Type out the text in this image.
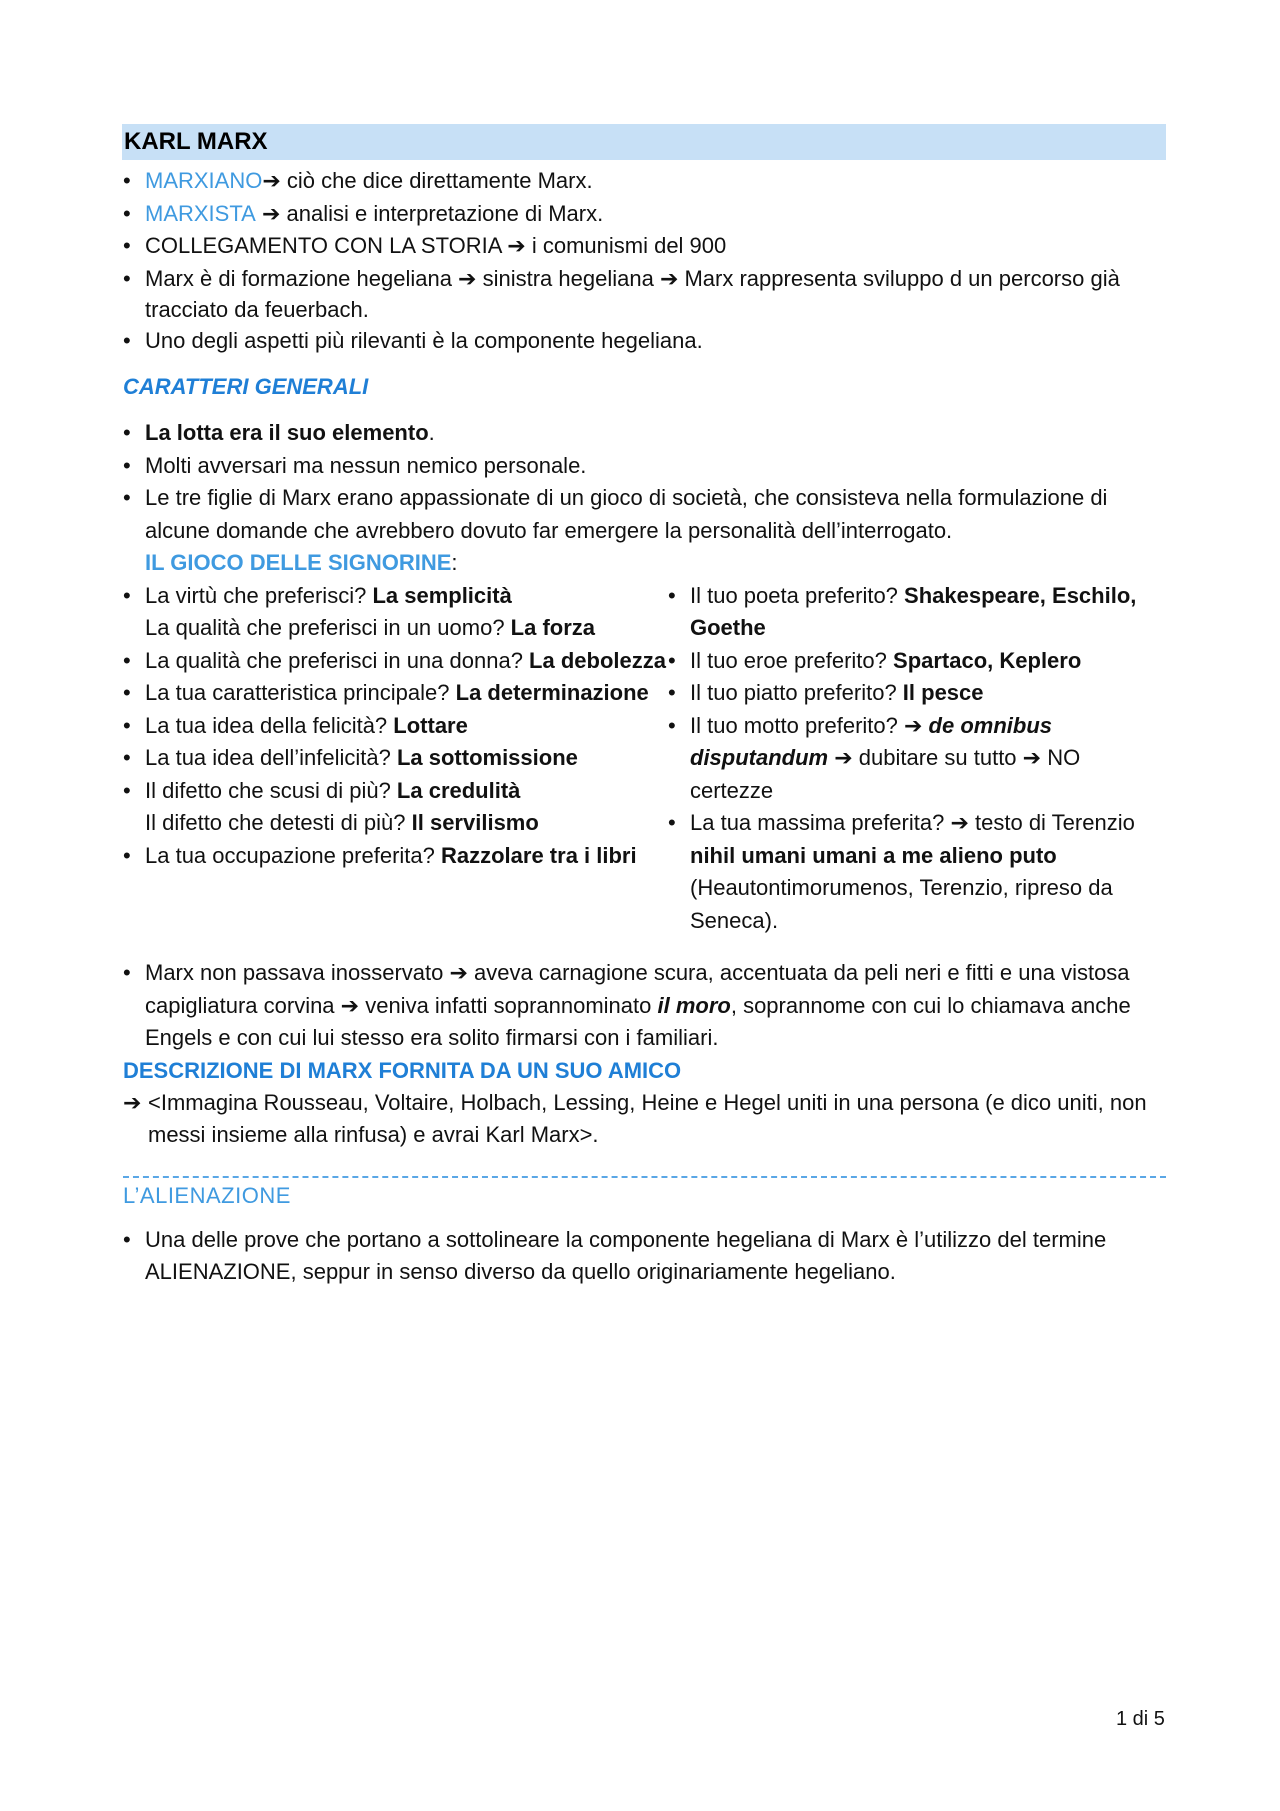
KARL MARX
• MARXIANO➔ ciò che dice direttamente Marx.
• MARXISTA ➔ analisi e interpretazione di Marx.
• COLLEGAMENTO CON LA STORIA ➔ i comunismi del 900
• Marx è di formazione hegeliana ➔ sinistra hegeliana ➔ Marx rappresenta sviluppo d un percorso già tracciato da feuerbach.
• Uno degli aspetti più rilevanti è la componente hegeliana.
CARATTERI GENERALI
• La lotta era il suo elemento.
• Molti avversari ma nessun nemico personale.
• Le tre figlie di Marx erano appassionate di un gioco di società, che consisteva nella formulazione di alcune domande che avrebbero dovuto far emergere la personalità dell’interrogato.
IL GIOCO DELLE SIGNORINE:
• La virtù che preferisci? La semplicità
La qualità che preferisci in un uomo? La forza
• La qualità che preferisci in una donna? La debolezza
• La tua caratteristica principale? La determinazione
• La tua idea della felicità? Lottare
• La tua idea dell’infelicità? La sottomissione
• Il difetto che scusi di più? La credulità
Il difetto che detesti di più? Il servilismo
• La tua occupazione preferita? Razzolare tra i libri
• Il tuo poeta preferito? Shakespeare, Eschilo, Goethe
• Il tuo eroe preferito? Spartaco, Keplero
• Il tuo piatto preferito? Il pesce
• Il tuo motto preferito? ➔ de omnibus disputandum ➔ dubitare su tutto ➔ NO certezze
• La tua massima preferita? ➔ testo di Terenzio nihil umani umani a me alieno puto (Heautontimorumenos, Terenzio, ripreso da Seneca).
• Marx non passava inosservato ➔ aveva carnagione scura, accentuata da peli neri e fitti e una vistosa capigliatura corvina ➔ veniva infatti soprannominato il moro, soprannome con cui lo chiamava anche Engels e con cui lui stesso era solito firmarsi con i familiari.
DESCRIZIONE DI MARX FORNITA DA UN SUO AMICO
➔ <Immagina Rousseau, Voltaire, Holbach, Lessing, Heine e Hegel uniti in una persona (e dico uniti, non messi insieme alla rinfusa) e avrai Karl Marx>.
L’ALIENAZIONE
• Una delle prove che portano a sottolineare la componente hegeliana di Marx è l’utilizzo del termine ALIENAZIONE, seppur in senso diverso da quello originariamente hegeliano.
1 di 5
